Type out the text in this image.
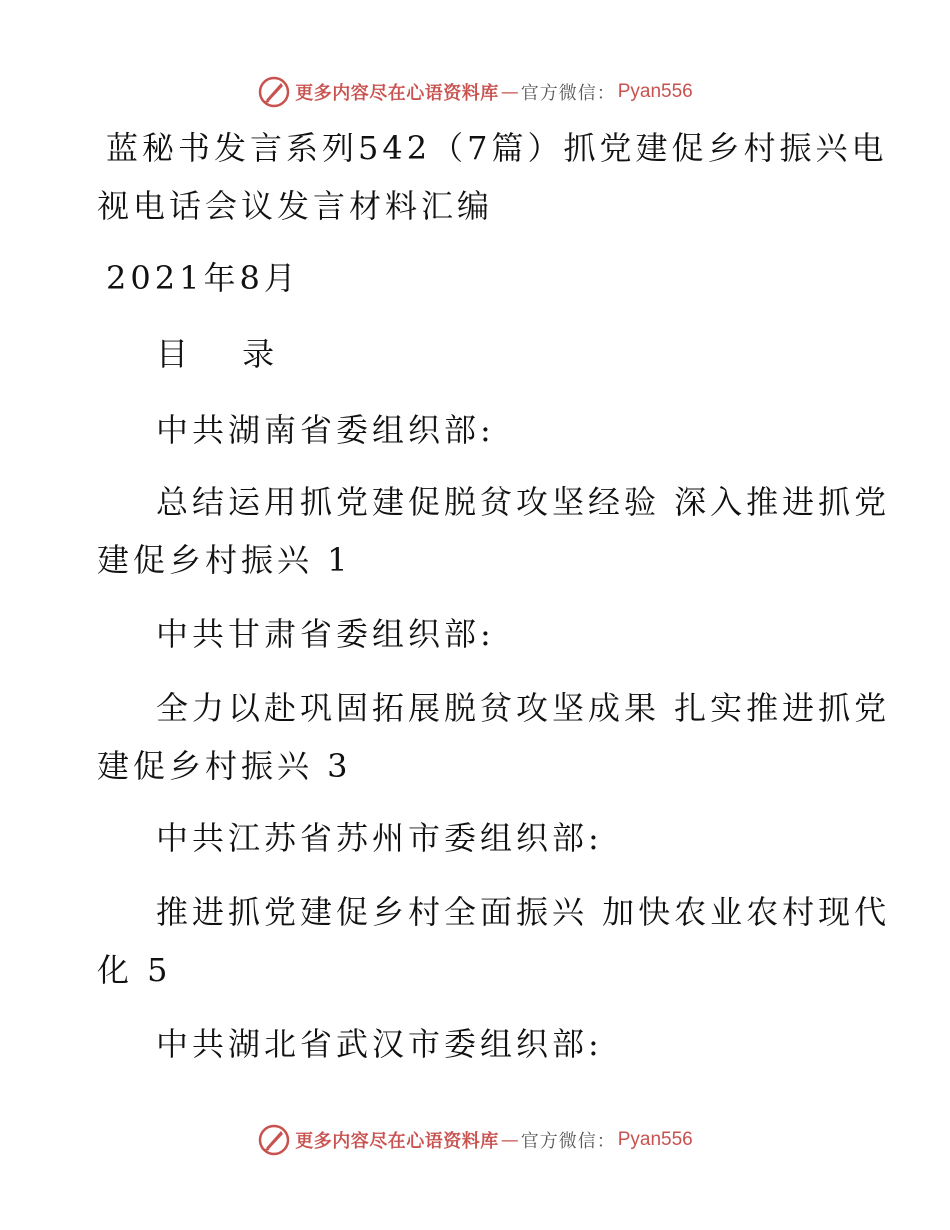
更多内容尽在心语资料库 — 官方微信： Pyan556
蓝秘书发言系列542（7篇）抓党建促乡村振兴电
视电话会议发言材料汇编
2021年8月
目 录
中共湖南省委组织部:
总结运用抓党建促脱贫攻坚经验 深入推进抓党
建促乡村振兴 1
中共甘肃省委组织部:
全力以赴巩固拓展脱贫攻坚成果 扎实推进抓党
建促乡村振兴 3
中共江苏省苏州市委组织部:
推进抓党建促乡村全面振兴 加快农业农村现代
化 5
中共湖北省武汉市委组织部:
更多内容尽在心语资料库 — 官方微信： Pyan556
